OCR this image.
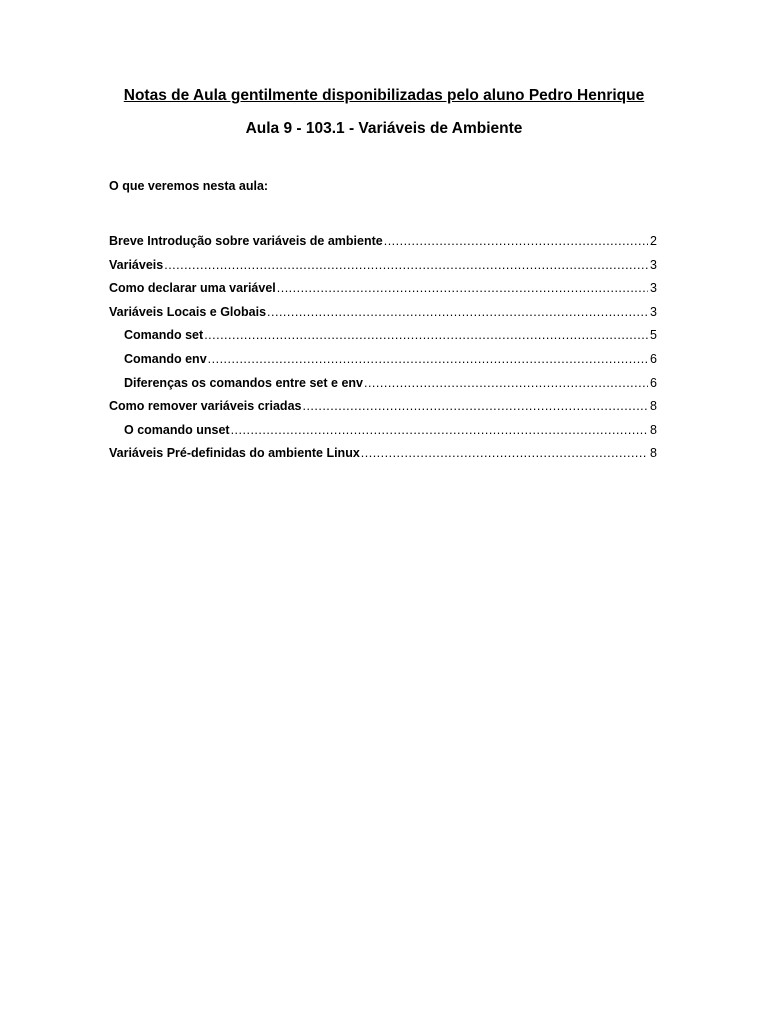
Notas de Aula gentilmente disponibilizadas pelo aluno Pedro Henrique
Aula 9 - 103.1 - Variáveis de Ambiente
O que veremos nesta aula:
Breve Introdução sobre variáveis de ambiente .....	2
Variáveis .....	3
Como declarar uma variável .....	3
Variáveis Locais e Globais .....	3
Comando set .....	5
Comando env .....	6
Diferenças os comandos entre set e env .....	6
Como remover variáveis criadas .....	8
O comando unset .....	8
Variáveis Pré-definidas do ambiente Linux .....	8
